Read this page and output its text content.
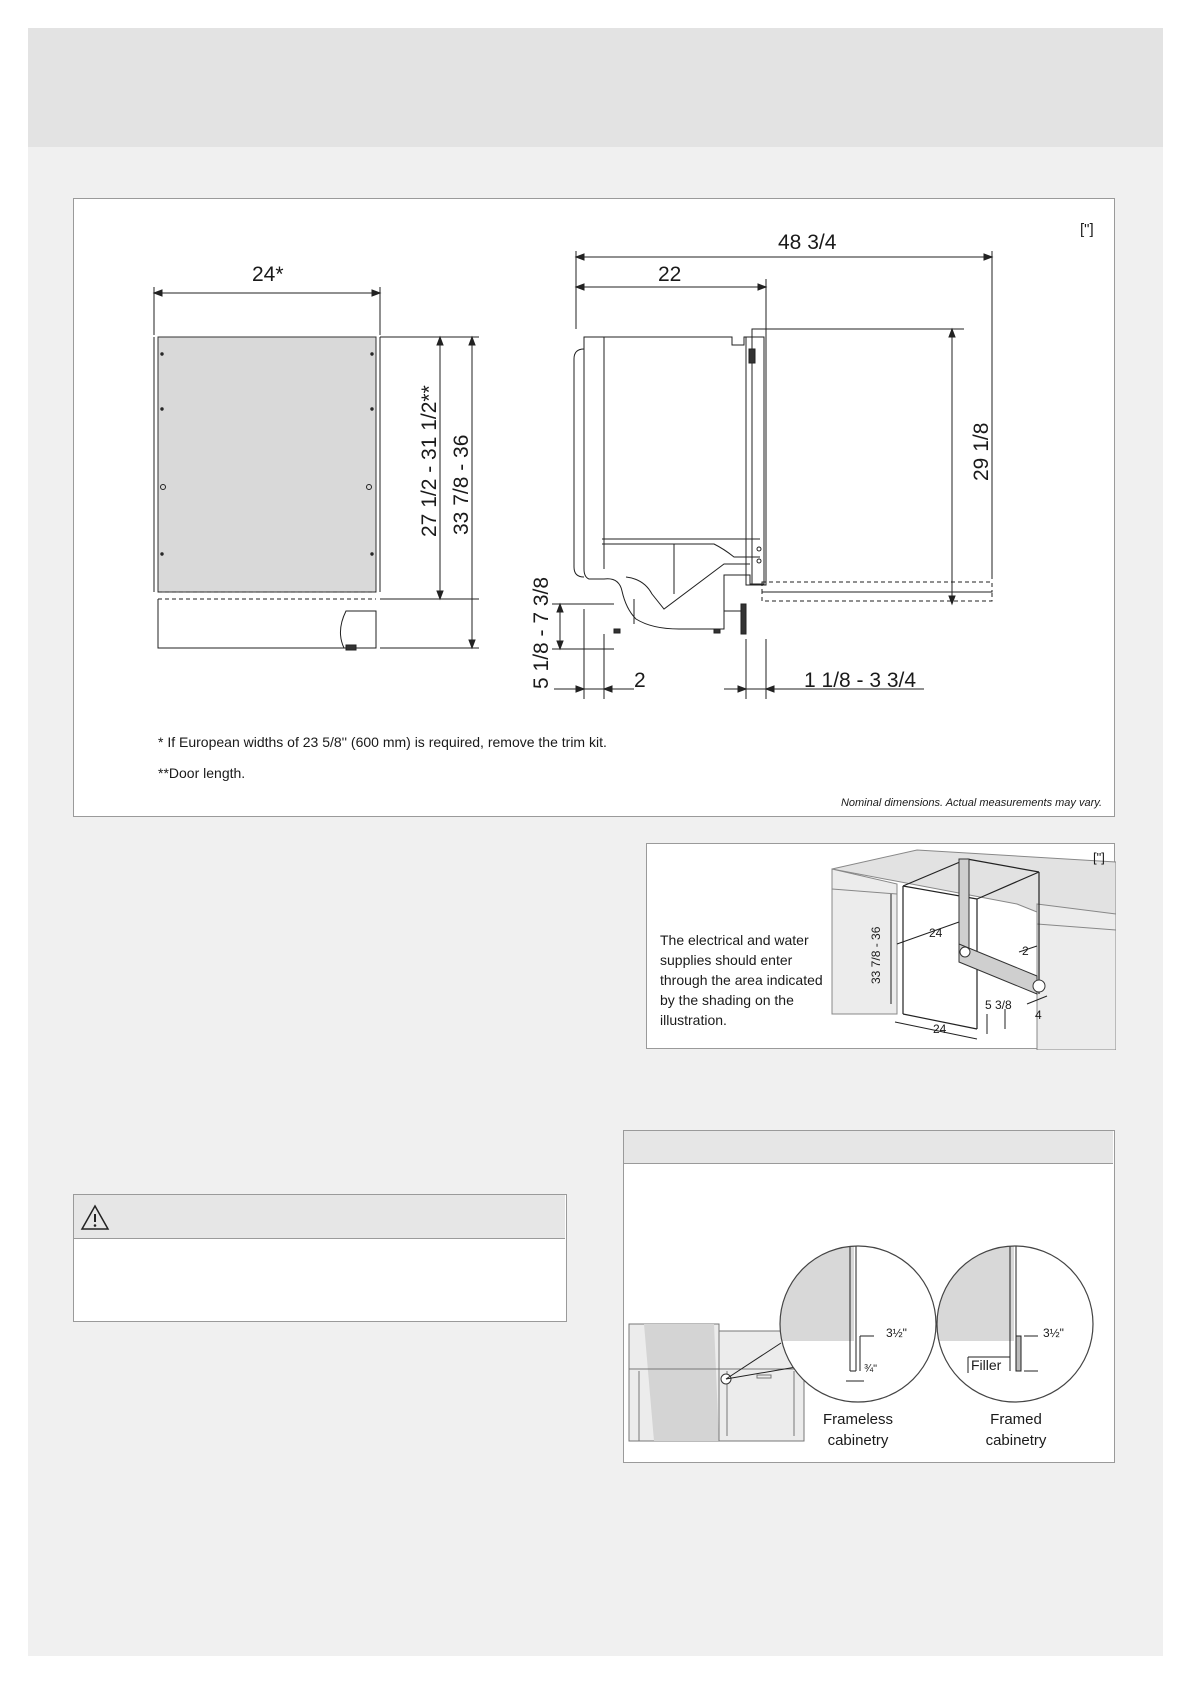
["]
24*
27 1/2 - 31 1/2** 33 7/8 - 36
48 3/4
22
29 1/8
5 1/8 - 7 3/8	2	1 1/8 - 3 3/4
* If European widths of 23 5/8'' (600 mm) is required, remove the trim kit.
**Door length.
Nominal dimensions. Actual measurements may vary.
["]
The electrical and water supplies should enter through the area indicated by the shading on the illustration.
33 7/8 - 36	24
24
2
5 3/8
4
3½"
¾"
3½"
Filler
Frameless cabinetry
Framed cabinetry
